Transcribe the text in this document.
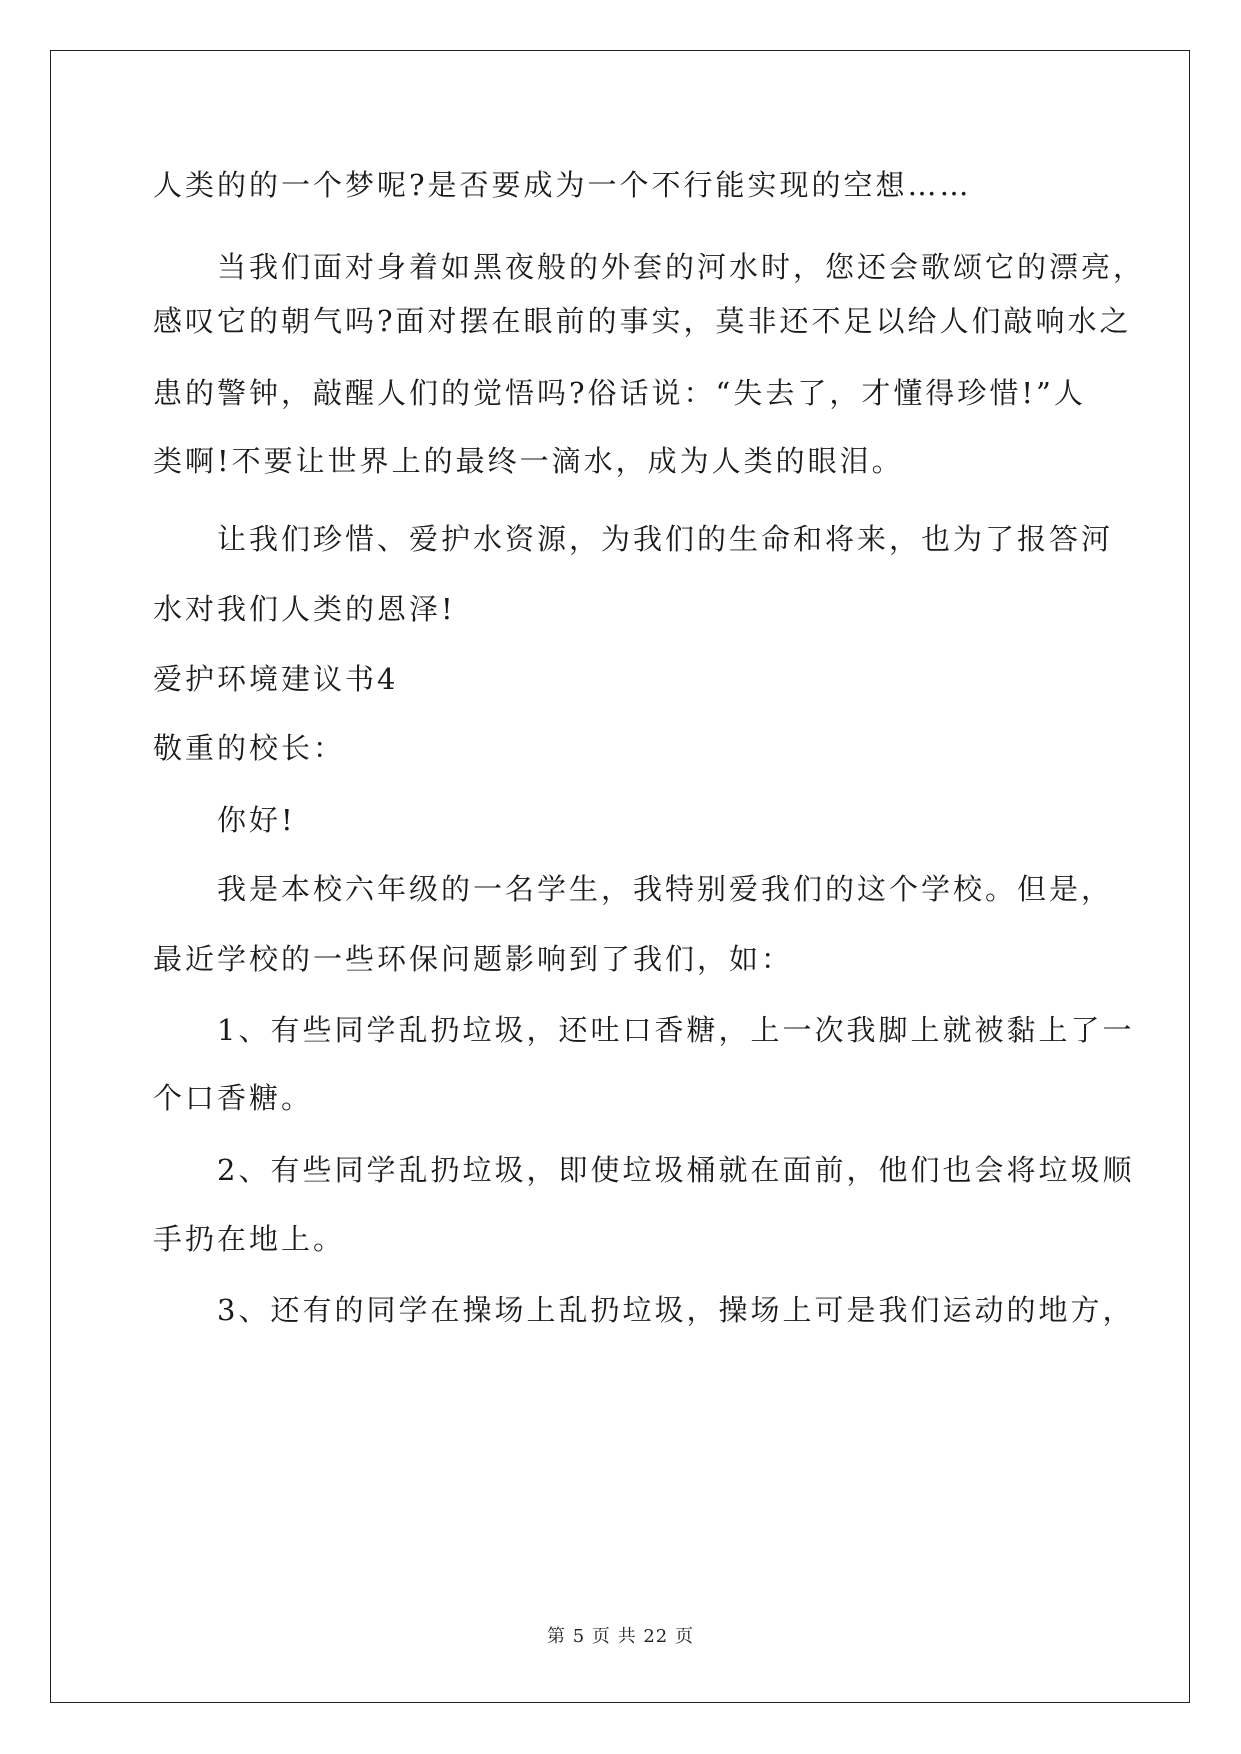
人类的的一个梦呢?是否要成为一个不行能实现的空想……
当我们面对身着如黑夜般的外套的河水时，您还会歌颂它的漂亮，
感叹它的朝气吗?面对摆在眼前的事实，莫非还不足以给人们敲响水之
患的警钟，敲醒人们的觉悟吗?俗话说：“失去了，才懂得珍惜!”人
类啊!不要让世界上的最终一滴水，成为人类的眼泪。
让我们珍惜、爱护水资源，为我们的生命和将来，也为了报答河
水对我们人类的恩泽!
爱护环境建议书4
敬重的校长：
你好!
我是本校六年级的一名学生，我特别爱我们的这个学校。但是，
最近学校的一些环保问题影响到了我们，如：
1、有些同学乱扔垃圾，还吐口香糖，上一次我脚上就被黏上了一
个口香糖。
2、有些同学乱扔垃圾，即使垃圾桶就在面前，他们也会将垃圾顺
手扔在地上。
3、还有的同学在操场上乱扔垃圾，操场上可是我们运动的地方，
第 5 页 共 22 页
